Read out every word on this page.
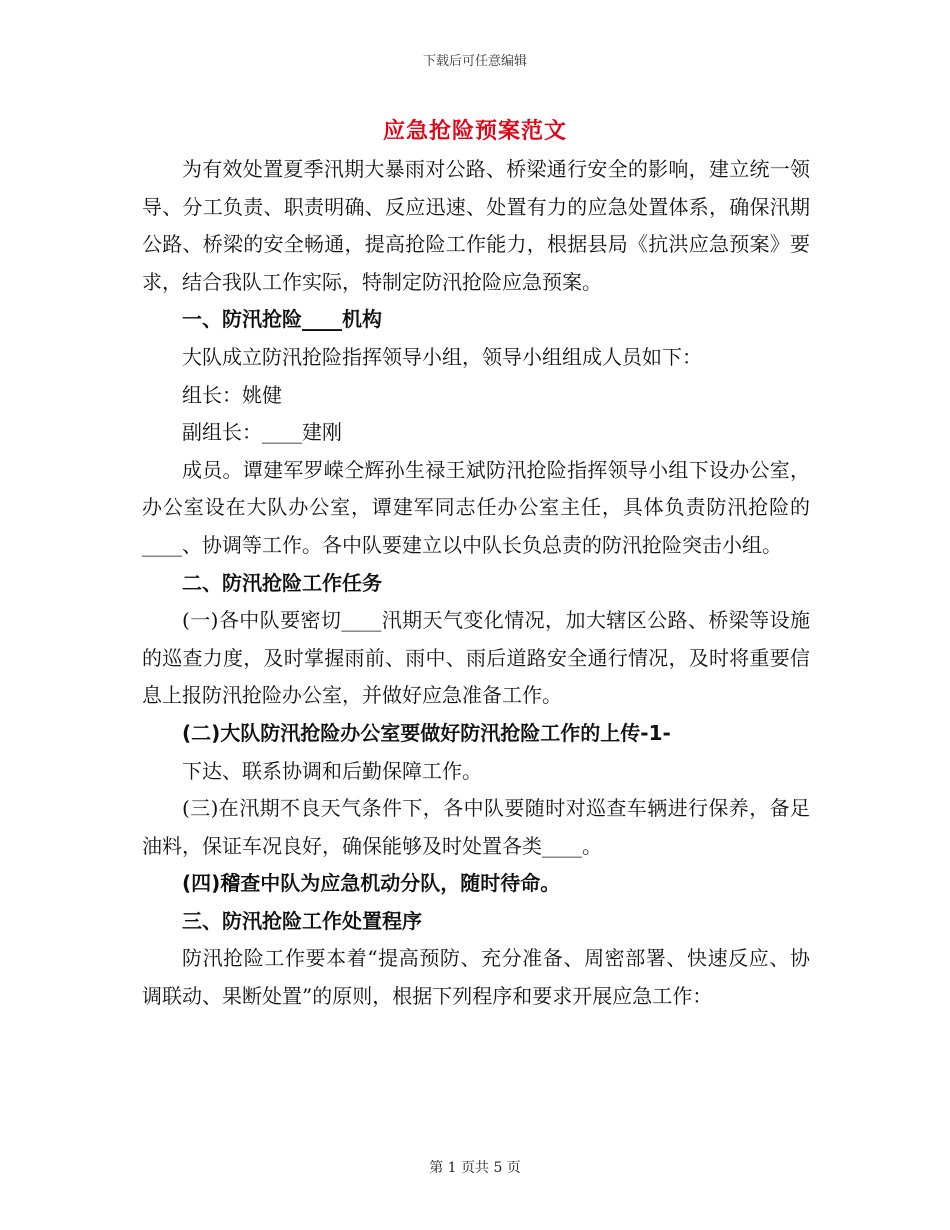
下载后可任意编辑
应急抢险预案范文

为有效处置夏季汛期大暴雨对公路、桥梁通行安全的影响，建立统一领导、分工负责、职责明确、反应迅速、处置有力的应急处置体系，确保汛期公路、桥梁的安全畅通，提高抢险工作能力，根据县局《抗洪应急预案》要求，结合我队工作实际，特制定防汛抢险应急预案。

一、防汛抢险____机构

大队成立防汛抢险指挥领导小组，领导小组组成人员如下：

组长：姚健

副组长：____建刚

成员。谭建军罗嵘仝辉孙生禄王斌防汛抢险指挥领导小组下设办公室，办公室设在大队办公室，谭建军同志任办公室主任，具体负责防汛抢险的____、协调等工作。各中队要建立以中队长负总责的防汛抢险突击小组。

二、防汛抢险工作任务

(一)各中队要密切____汛期天气变化情况，加大辖区公路、桥梁等设施的巡查力度，及时掌握雨前、雨中、雨后道路安全通行情况，及时将重要信息上报防汛抢险办公室，并做好应急准备工作。

(二)大队防汛抢险办公室要做好防汛抢险工作的上传-1-

下达、联系协调和后勤保障工作。

(三)在汛期不良天气条件下，各中队要随时对巡查车辆进行保养，备足油料，保证车况良好，确保能够及时处置各类____。

(四)稽查中队为应急机动分队，随时待命。

三、防汛抢险工作处置程序

防汛抢险工作要本着“提高预防、充分准备、周密部署、快速反应、协调联动、果断处置”的原则，根据下列程序和要求开展应急工作：

第 1 页共 5 页
